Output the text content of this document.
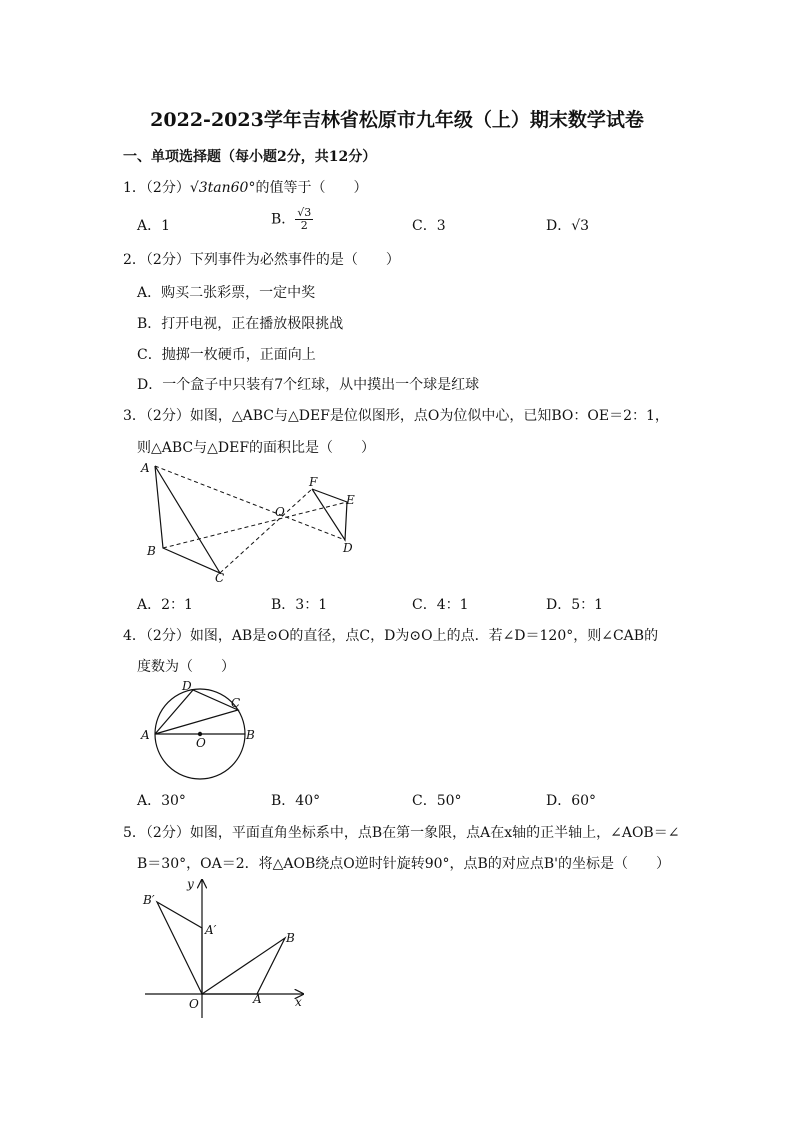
2022-2023学年吉林省松原市九年级（上）期末数学试卷
一、单项选择题（每小题2分，共12分）
1．（2分）√3tan60°的值等于（　　）
A．1	B． $\frac{√3}{2}$	C．3	D．√3
2．（2分）下列事件为必然事件的是（　　）
A．购买二张彩票，一定中奖
B．打开电视，正在播放极限挑战
C．抛掷一枚硬币，正面向上
D．一个盒子中只装有7个红球，从中摸出一个球是红球
3．（2分）如图，△ABC与△DEF是位似图形，点O为位似中心，已知BO：OE＝2：1，
则△ABC与△DEF的面积比是（　　）
A
B
C
O
F
E
D
A．2：1	B．3：1	C．4：1	D．5：1
4．（2分）如图，AB是⊙O的直径，点C，D为⊙O上的点．若∠D＝120°，则∠CAB的
度数为（　　）
A	B
C
D
O
A．30°	B．40°	C．50°	D．60°
5．（2分）如图，平面直角坐标系中，点B在第一象限，点A在x轴的正半轴上，∠AOB＝∠
B＝30°，OA＝2．将△AOB绕点O逆时针旋转90°，点B的对应点B'的坐标是（　　）
y
x
B′
A′
B
O	A
